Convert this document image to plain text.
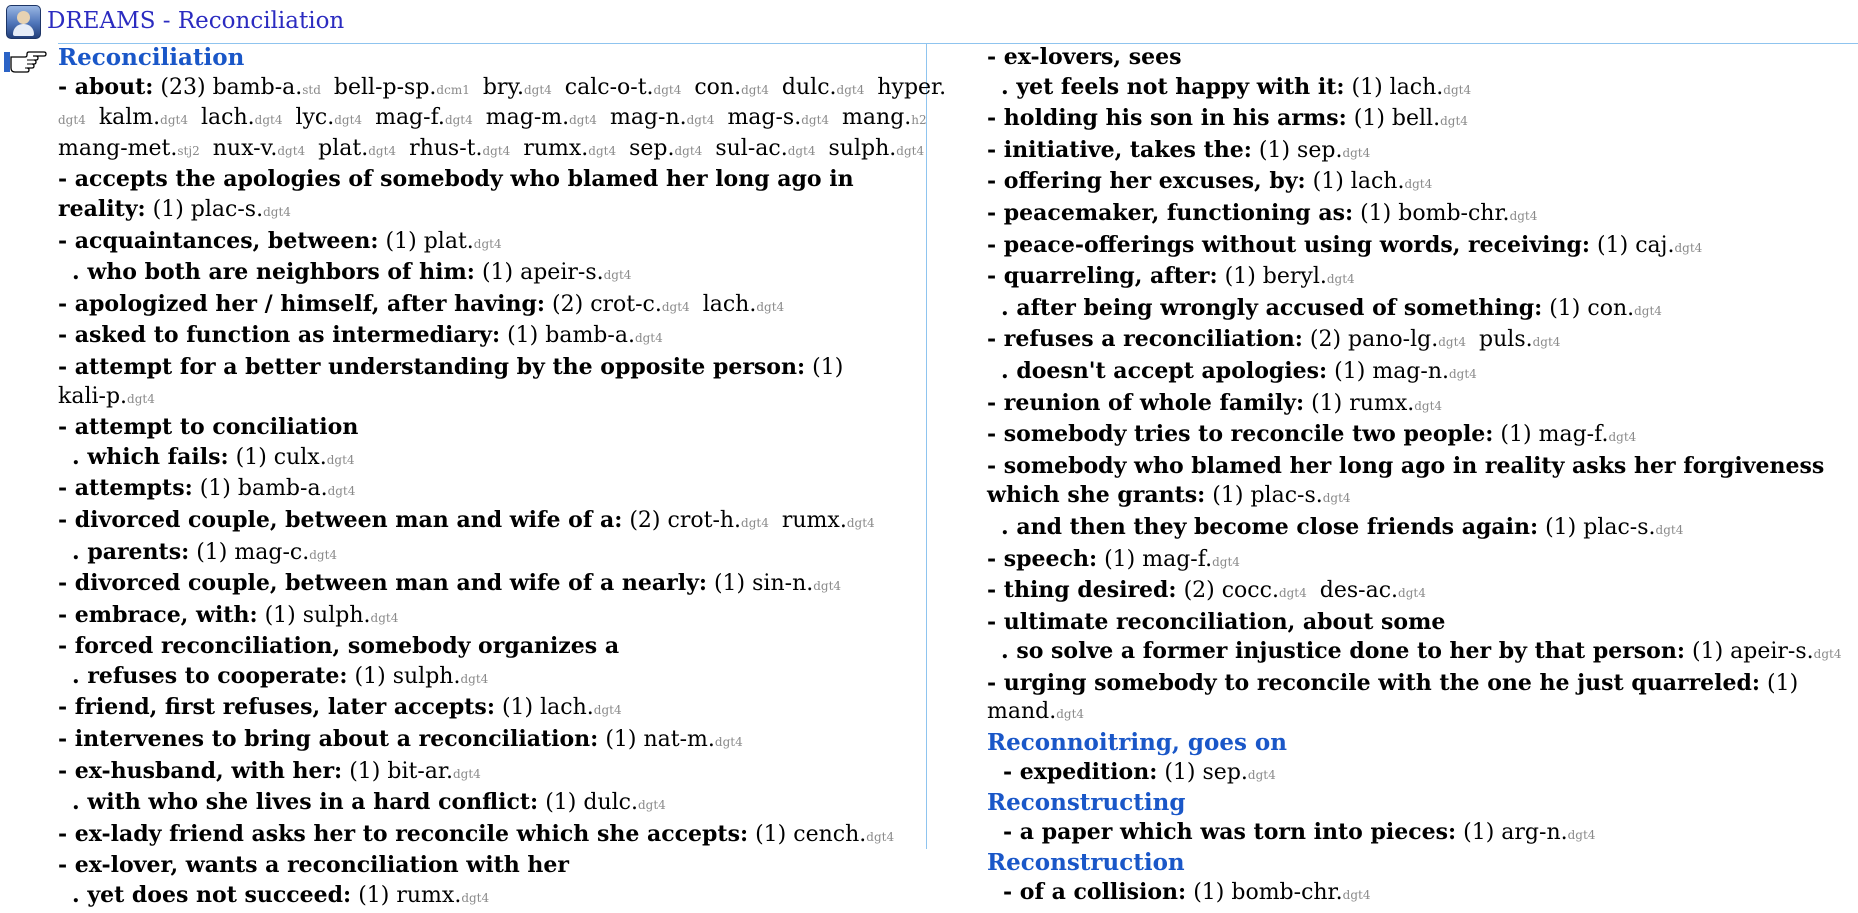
DREAMS - Reconciliation
Reconciliation
- about: (23) bamb-a.std bell-p-sp.dcm1 bry.dgt4 calc-o-t.dgt4 con.dgt4 dulc.dgt4 hyper.
dgt4 kalm.dgt4 lach.dgt4 lyc.dgt4 mag-f.dgt4 mag-m.dgt4 mag-n.dgt4 mag-s.dgt4 mang.h2
mang-met.stj2 nux-v.dgt4 plat.dgt4 rhus-t.dgt4 rumx.dgt4 sep.dgt4 sul-ac.dgt4 sulph.dgt4
- accepts the apologies of somebody who blamed her long ago in
reality: (1) plac-s.dgt4
- acquaintances, between: (1) plat.dgt4
. who both are neighbors of him: (1) apeir-s.dgt4
- apologized her / himself, after having: (2) crot-c.dgt4 lach.dgt4
- asked to function as intermediary: (1) bamb-a.dgt4
- attempt for a better understanding by the opposite person: (1)
kali-p.dgt4
- attempt to conciliation
. which fails: (1) culx.dgt4
- attempts: (1) bamb-a.dgt4
- divorced couple, between man and wife of a: (2) crot-h.dgt4 rumx.dgt4
. parents: (1) mag-c.dgt4
- divorced couple, between man and wife of a nearly: (1) sin-n.dgt4
- embrace, with: (1) sulph.dgt4
- forced reconciliation, somebody organizes a
. refuses to cooperate: (1) sulph.dgt4
- friend, first refuses, later accepts: (1) lach.dgt4
- intervenes to bring about a reconciliation: (1) nat-m.dgt4
- ex-husband, with her: (1) bit-ar.dgt4
. with who she lives in a hard conflict: (1) dulc.dgt4
- ex-lady friend asks her to reconcile which she accepts: (1) cench.dgt4
- ex-lover, wants a reconciliation with her
. yet does not succeed: (1) rumx.dgt4
- ex-lovers, sees
. yet feels not happy with it: (1) lach.dgt4
- holding his son in his arms: (1) bell.dgt4
- initiative, takes the: (1) sep.dgt4
- offering her excuses, by: (1) lach.dgt4
- peacemaker, functioning as: (1) bomb-chr.dgt4
- peace-offerings without using words, receiving: (1) caj.dgt4
- quarreling, after: (1) beryl.dgt4
. after being wrongly accused of something: (1) con.dgt4
- refuses a reconciliation: (2) pano-lg.dgt4 puls.dgt4
. doesn't accept apologies: (1) mag-n.dgt4
- reunion of whole family: (1) rumx.dgt4
- somebody tries to reconcile two people: (1) mag-f.dgt4
- somebody who blamed her long ago in reality asks her forgiveness
which she grants: (1) plac-s.dgt4
. and then they become close friends again: (1) plac-s.dgt4
- speech: (1) mag-f.dgt4
- thing desired: (2) cocc.dgt4 des-ac.dgt4
- ultimate reconciliation, about some
. so solve a former injustice done to her by that person: (1) apeir-s.dgt4
- urging somebody to reconcile with the one he just quarreled: (1)
mand.dgt4
Reconnoitring, goes on
- expedition: (1) sep.dgt4
Reconstructing
- a paper which was torn into pieces: (1) arg-n.dgt4
Reconstruction
- of a collision: (1) bomb-chr.dgt4
